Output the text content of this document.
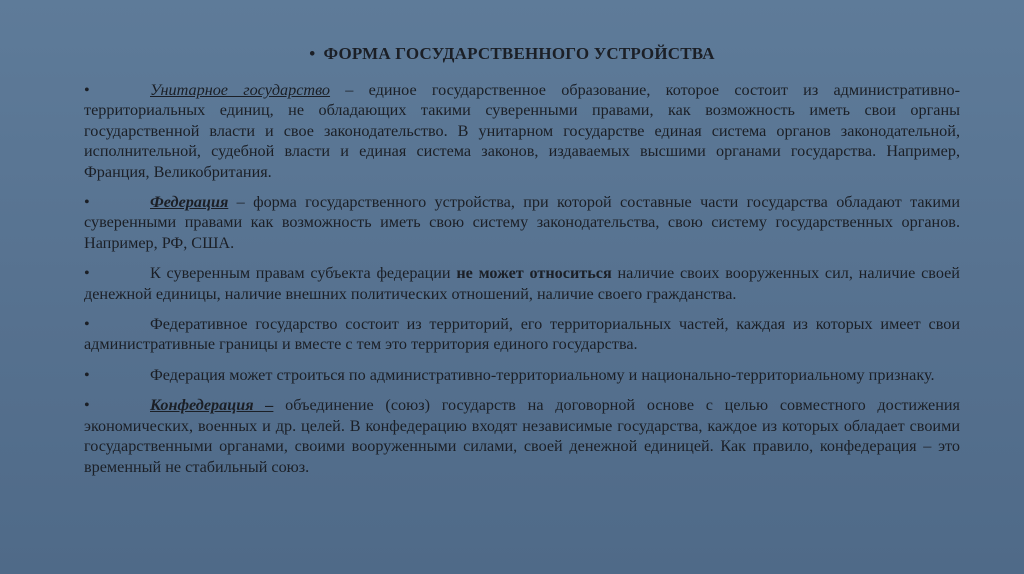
• ФОРМА ГОСУДАРСТВЕННОГО УСТРОЙСТВА

•	Унитарное государство – единое государственное образование, которое состоит из административно-территориальных единиц, не обладающих такими суверенными правами, как возможность иметь свои органы государственной власти и свое законодательство. В унитарном государстве единая система органов законодательной, исполнительной, судебной власти и единая система законов, издаваемых высшими органами государства. Например, Франция, Великобритания.

•	Федерация – форма государственного устройства, при которой составные части государства обладают такими суверенными правами как возможность иметь свою систему законодательства, свою систему государственных органов. Например, РФ, США.

•	К суверенным правам субъекта федерации не может относиться наличие своих вооруженных сил, наличие своей денежной единицы, наличие внешних политических отношений, наличие своего гражданства.

•	Федеративное государство состоит из территорий, его территориальных частей, каждая из которых имеет свои административные границы и вместе с тем это территория единого государства.

•	Федерация может строиться по административно-территориальному и национально-территориальному признаку.

•	Конфедерация – объединение (союз) государств на договорной основе с целью совместного достижения экономических, военных и др. целей. В конфедерацию входят независимые государства, каждое из которых обладает своими государственными органами, своими вооруженными силами, своей денежной единицей. Как правило, конфедерация – это временный не стабильный союз.
